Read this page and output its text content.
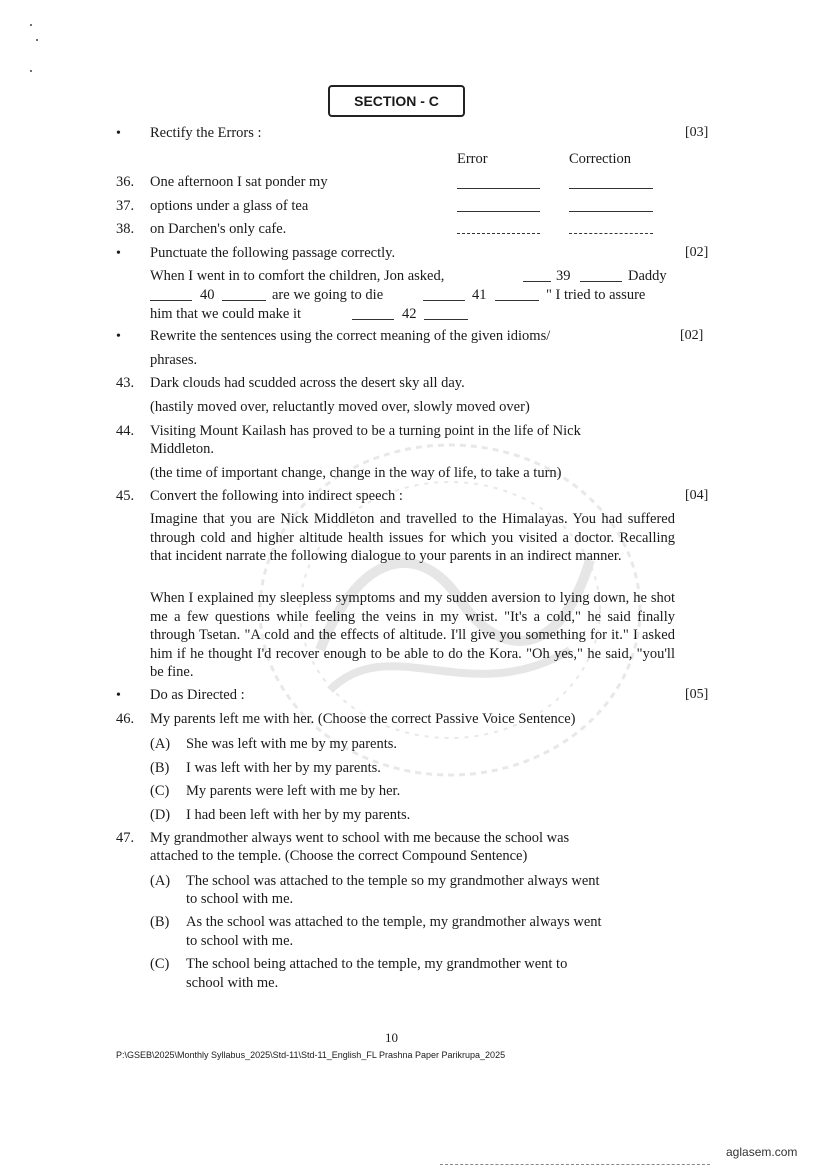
SECTION - C
• Rectify the Errors :	[03]
Error	Correction
36. One afternoon I sat ponder my
37. options under a glass of tea
38. on Darchen's only cafe.
• Punctuate the following passage correctly.	[02]
When I went in to comfort the children, Jon asked,	39	Daddy
40	are we going to die	41	" I tried to assure
him that we could make it	42
• Rewrite the sentences using the correct meaning of the given idioms/	[02]
phrases.
43. Dark clouds had scudded across the desert sky all day.
(hastily moved over, reluctantly moved over, slowly moved over)
44. Visiting Mount Kailash has proved to be a turning point in the life of Nick
Middleton.
(the time of important change, change in the way of life, to take a turn)
45. Convert the following into indirect speech :	[04]
Imagine that you are Nick Middleton and travelled to the Himalayas. You had suffered through cold and higher altitude health issues for which you visited a doctor. Recalling that incident narrate the following dialogue to your parents in an indirect manner.
When I explained my sleepless symptoms and my sudden aversion to lying down, he shot me a few questions while feeling the veins in my wrist. "It's a cold," he said finally through Tsetan. "A cold and the effects of altitude. I'll give you something for it." I asked him if he thought I'd recover enough to be able to do the Kora. "Oh yes," he said, "you'll be fine.
• Do as Directed :	[05]
46. My parents left me with her. (Choose the correct Passive Voice Sentence)
(A) She was left with me by my parents.
(B) I was left with her by my parents.
(C) My parents were left with me by her.
(D) I had been left with her by my parents.
47. My grandmother always went to school with me because the school was
attached to the temple. (Choose the correct Compound Sentence)
(A) The school was attached to the temple so my grandmother always went
to school with me.
(B) As the school was attached to the temple, my grandmother always went
to school with me.
(C) The school being attached to the temple, my grandmother went to
school with me.
10
P:\GSEB\2025\Monthly Syllabus_2025\Std-11\Std-11_English_FL Prashna Paper Parikrupa_2025
aglasem.com
